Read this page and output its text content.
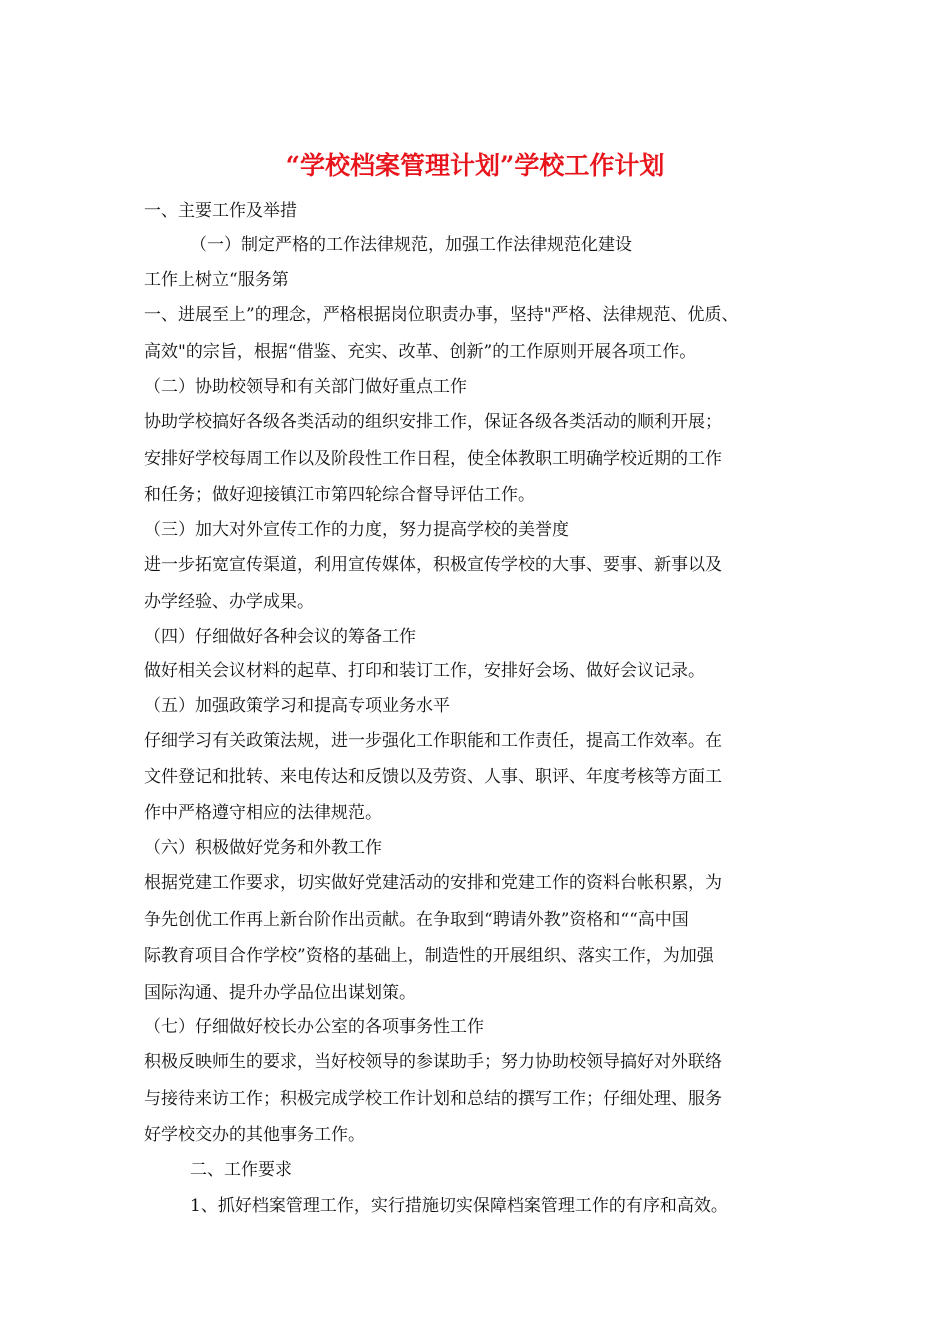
“学校档案管理计划”学校工作计划
一、主要工作及举措
（一）制定严格的工作法律规范，加强工作法律规范化建设
工作上树立“服务第
一、进展至上”的理念，严格根据岗位职责办事，坚持"严格、法律规范、优质、
高效"的宗旨，根据“借鉴、充实、改革、创新”的工作原则开展各项工作。
（二）协助校领导和有关部门做好重点工作
协助学校搞好各级各类活动的组织安排工作，保证各级各类活动的顺利开展；
安排好学校每周工作以及阶段性工作日程，使全体教职工明确学校近期的工作
和任务；做好迎接镇江市第四轮综合督导评估工作。
（三）加大对外宣传工作的力度，努力提高学校的美誉度
进一步拓宽宣传渠道，利用宣传媒体，积极宣传学校的大事、要事、新事以及
办学经验、办学成果。
（四）仔细做好各种会议的筹备工作
做好相关会议材料的起草、打印和装订工作，安排好会场、做好会议记录。
（五）加强政策学习和提高专项业务水平
仔细学习有关政策法规，进一步强化工作职能和工作责任，提高工作效率。在
文件登记和批转、来电传达和反馈以及劳资、人事、职评、年度考核等方面工
作中严格遵守相应的法律规范。
（六）积极做好党务和外教工作
根据党建工作要求，切实做好党建活动的安排和党建工作的资料台帐积累，为
争先创优工作再上新台阶作出贡献。在争取到“聘请外教”资格和““高中国
际教育项目合作学校”资格的基础上，制造性的开展组织、落实工作，为加强
国际沟通、提升办学品位出谋划策。
（七）仔细做好校长办公室的各项事务性工作
积极反映师生的要求，当好校领导的参谋助手；努力协助校领导搞好对外联络
与接待来访工作；积极完成学校工作计划和总结的撰写工作；仔细处理、服务
好学校交办的其他事务工作。
二、工作要求
1、抓好档案管理工作，实行措施切实保障档案管理工作的有序和高效。
